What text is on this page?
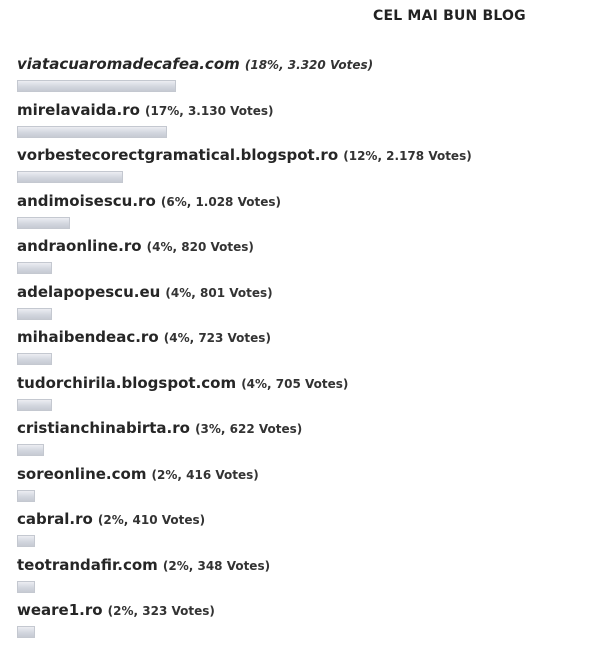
CEL MAI BUN BLOG
viatacuaromadecafea.com (18%, 3.320 Votes)
mirelavaida.ro (17%, 3.130 Votes)
vorbestecorectgramatical.blogspot.ro (12%, 2.178 Votes)
andimoisescu.ro (6%, 1.028 Votes)
andraonline.ro (4%, 820 Votes)
adelapopescu.eu (4%, 801 Votes)
mihaibendeac.ro (4%, 723 Votes)
tudorchirila.blogspot.com (4%, 705 Votes)
cristianchinabirta.ro (3%, 622 Votes)
soreonline.com (2%, 416 Votes)
cabral.ro (2%, 410 Votes)
teotrandafir.com (2%, 348 Votes)
weare1.ro (2%, 323 Votes)
